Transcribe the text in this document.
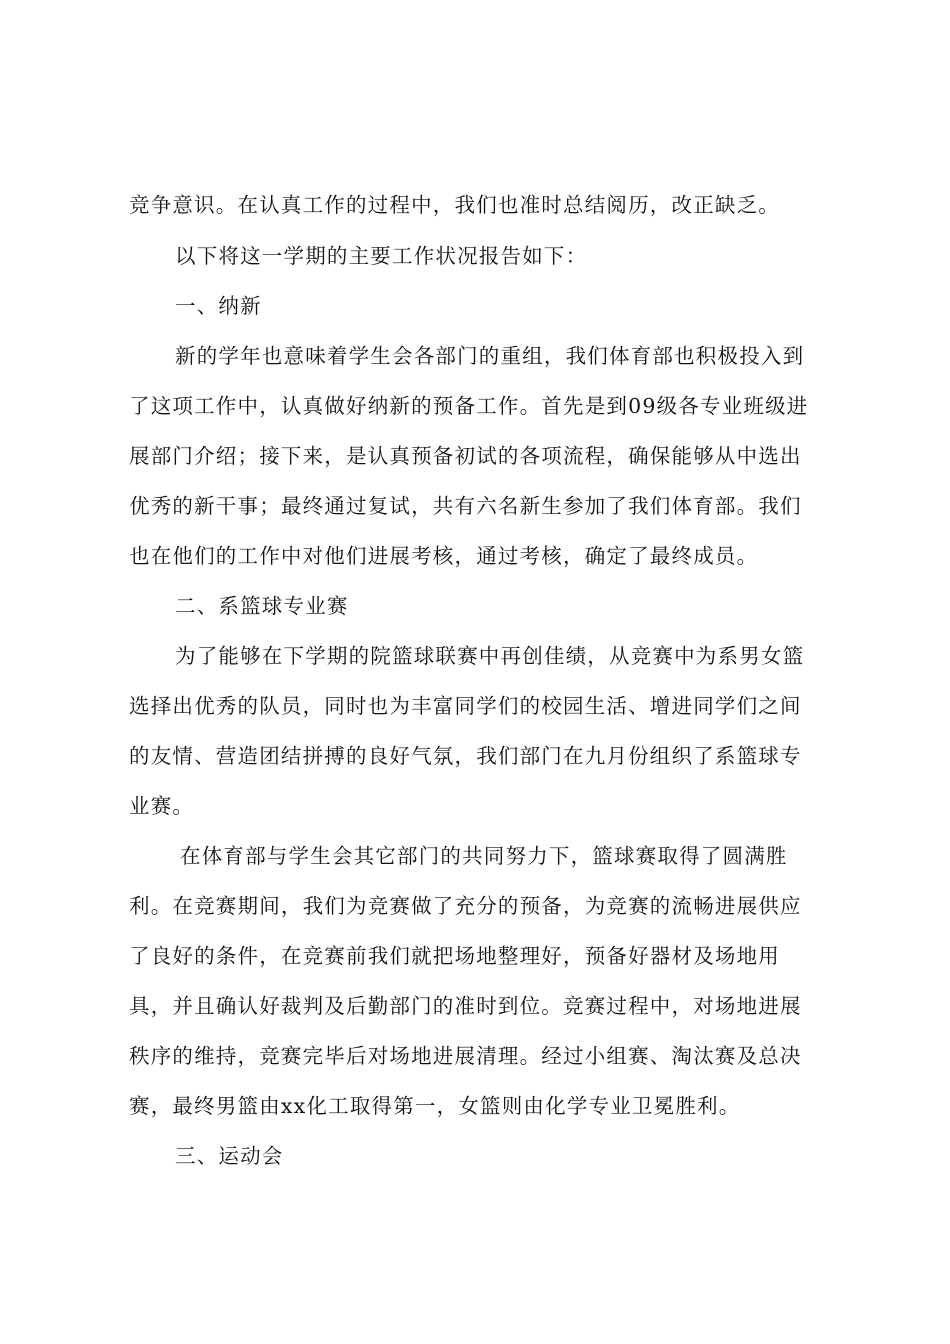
竞争意识。在认真工作的过程中，我们也准时总结阅历，改正缺乏。
以下将这一学期的主要工作状况报告如下：
一、纳新
新的学年也意味着学生会各部门的重组，我们体育部也积极投入到
了这项工作中，认真做好纳新的预备工作。首先是到09级各专业班级进
展部门介绍；接下来，是认真预备初试的各项流程，确保能够从中选出
优秀的新干事；最终通过复试，共有六名新生参加了我们体育部。我们
也在他们的工作中对他们进展考核，通过考核，确定了最终成员。
二、系篮球专业赛
为了能够在下学期的院篮球联赛中再创佳绩，从竞赛中为系男女篮
选择出优秀的队员，同时也为丰富同学们的校园生活、增进同学们之间
的友情、营造团结拼搏的良好气氛，我们部门在九月份组织了系篮球专
业赛。
在体育部与学生会其它部门的共同努力下，篮球赛取得了圆满胜
利。在竞赛期间，我们为竞赛做了充分的预备，为竞赛的流畅进展供应
了良好的条件，在竞赛前我们就把场地整理好，预备好器材及场地用
具，并且确认好裁判及后勤部门的准时到位。竞赛过程中，对场地进展
秩序的维持，竞赛完毕后对场地进展清理。经过小组赛、淘汰赛及总决
赛，最终男篮由xx化工取得第一，女篮则由化学专业卫冕胜利。
三、运动会
